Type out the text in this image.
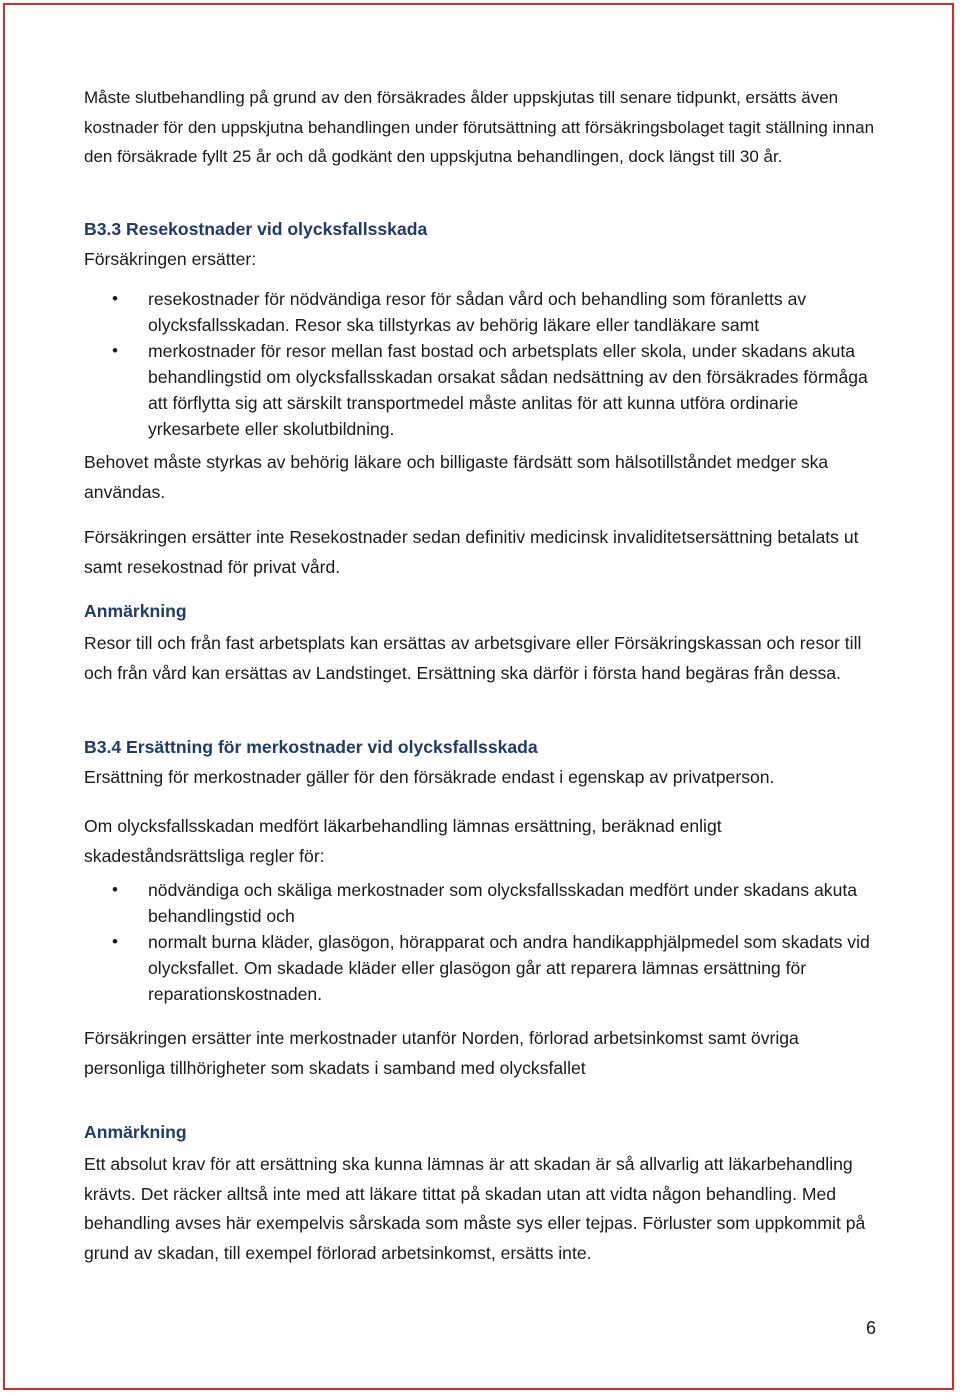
Måste slutbehandling på grund av den försäkrades ålder uppskjutas till senare tidpunkt, ersätts även kostnader för den uppskjutna behandlingen under förutsättning att försäkringsbolaget tagit ställning innan den försäkrade fyllt 25 år och då godkänt den uppskjutna behandlingen, dock längst till 30 år.

B3.3 Resekostnader vid olycksfallsskada

Försäkringen ersätter:

• resekostnader för nödvändiga resor för sådan vård och behandling som föranletts av olycksfallsskadan. Resor ska tillstyrkas av behörig läkare eller tandläkare samt
• merkostnader för resor mellan fast bostad och arbetsplats eller skola, under skadans akuta behandlingstid om olycksfallsskadan orsakat sådan nedsättning av den försäkrades förmåga att förflytta sig att särskilt transportmedel måste anlitas för att kunna utföra ordinarie yrkesarbete eller skolutbildning.

Behovet måste styrkas av behörig läkare och billigaste färdsätt som hälsotillståndet medger ska användas.

Försäkringen ersätter inte Resekostnader sedan definitiv medicinsk invaliditetsersättning betalats ut samt resekostnad för privat vård.

Anmärkning

Resor till och från fast arbetsplats kan ersättas av arbetsgivare eller Försäkringskassan och resor till och från vård kan ersättas av Landstinget. Ersättning ska därför i första hand begäras från dessa.

B3.4 Ersättning för merkostnader vid olycksfallsskada

Ersättning för merkostnader gäller för den försäkrade endast i egenskap av privatperson.

Om olycksfallsskadan medfört läkarbehandling lämnas ersättning, beräknad enligt skadeståndsrättsliga regler för:

• nödvändiga och skäliga merkostnader som olycksfallsskadan medfört under skadans akuta behandlingstid och
• normalt burna kläder, glasögon, hörapparat och andra handikapphjälpmedel som skadats vid olycksfallet. Om skadade kläder eller glasögon går att reparera lämnas ersättning för reparationskostnaden.

Försäkringen ersätter inte merkostnader utanför Norden, förlorad arbetsinkomst samt övriga personliga tillhörigheter som skadats i samband med olycksfallet

Anmärkning

Ett absolut krav för att ersättning ska kunna lämnas är att skadan är så allvarlig att läkarbehandling krävts. Det räcker alltså inte med att läkare tittat på skadan utan att vidta någon behandling. Med behandling avses här exempelvis sårskada som måste sys eller tejpas. Förluster som uppkommit på grund av skadan, till exempel förlorad arbetsinkomst, ersätts inte.

6
